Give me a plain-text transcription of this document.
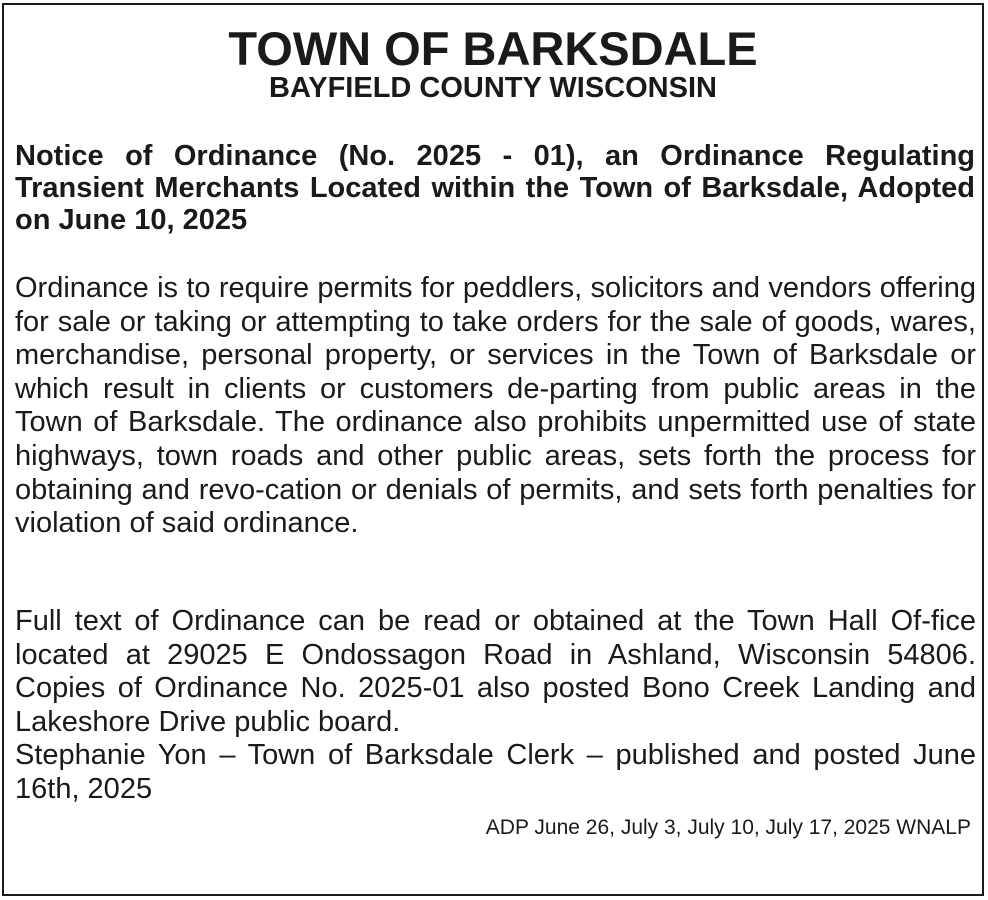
TOWN OF BARKSDALE
BAYFIELD COUNTY WISCONSIN

Notice of Ordinance (No. 2025 - 01), an Ordinance Regulating Transient Merchants Located within the Town of Barksdale, Adopted on June 10, 2025

Ordinance is to require permits for peddlers, solicitors and vendors offering for sale or taking or attempting to take orders for the sale of goods, wares, merchandise, personal property, or services in the Town of Barksdale or which result in clients or customers de-parting from public areas in the Town of Barksdale. The ordinance also prohibits unpermitted use of state highways, town roads and other public areas, sets forth the process for obtaining and revo-cation or denials of permits, and sets forth penalties for violation of said ordinance.

Full text of Ordinance can be read or obtained at the Town Hall Of-fice located at 29025 E Ondossagon Road in Ashland, Wisconsin 54806. Copies of Ordinance No. 2025-01 also posted Bono Creek Landing and Lakeshore Drive public board.

Stephanie Yon – Town of Barksdale Clerk – published and posted June 16th, 2025

ADP June 26, July 3, July 10, July 17, 2025 WNALP
